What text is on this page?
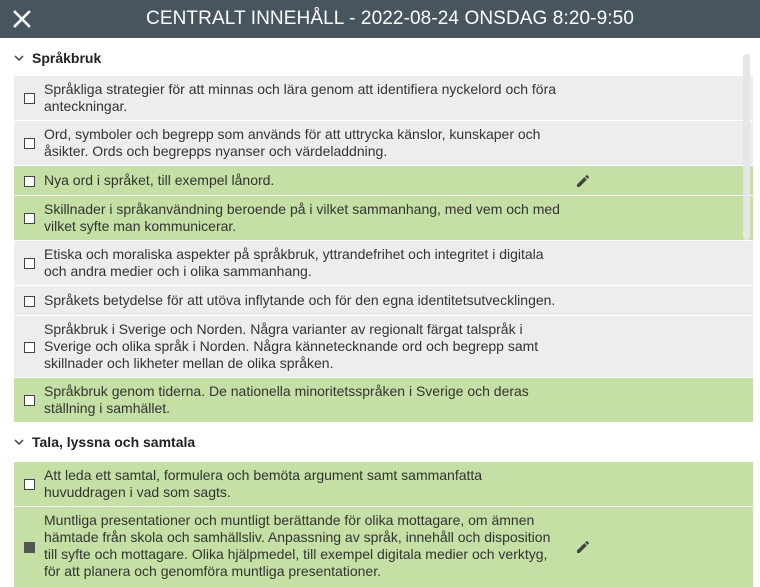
CENTRALT INNEHÅLL - 2022-08-24 ONSDAG 8:20-9:50
Språkbruk
Språkliga strategier för att minnas och lära genom att identifiera nyckelord och föra anteckningar.
Ord, symboler och begrepp som används för att uttrycka känslor, kunskaper och åsikter. Ords och begrepps nyanser och värdeladdning.
Nya ord i språket, till exempel lånord.
Skillnader i språkanvändning beroende på i vilket sammanhang, med vem och med vilket syfte man kommunicerar.
Etiska och moraliska aspekter på språkbruk, yttrandefrihet och integritet i digitala och andra medier och i olika sammanhang.
Språkets betydelse för att utöva inflytande och för den egna identitetsutvecklingen.
Språkbruk i Sverige och Norden. Några varianter av regionalt färgat talspråk i Sverige och olika språk i Norden. Några kännetecknande ord och begrepp samt skillnader och likheter mellan de olika språken.
Språkbruk genom tiderna. De nationella minoritetsspråken i Sverige och deras ställning i samhället.
Tala, lyssna och samtala
Att leda ett samtal, formulera och bemöta argument samt sammanfatta huvuddragen i vad som sagts.
Muntliga presentationer och muntligt berättande för olika mottagare, om ämnen hämtade från skola och samhällsliv. Anpassning av språk, innehåll och disposition till syfte och mottagare. Olika hjälpmedel, till exempel digitala medier och verktyg, för att planera och genomföra muntliga presentationer.
